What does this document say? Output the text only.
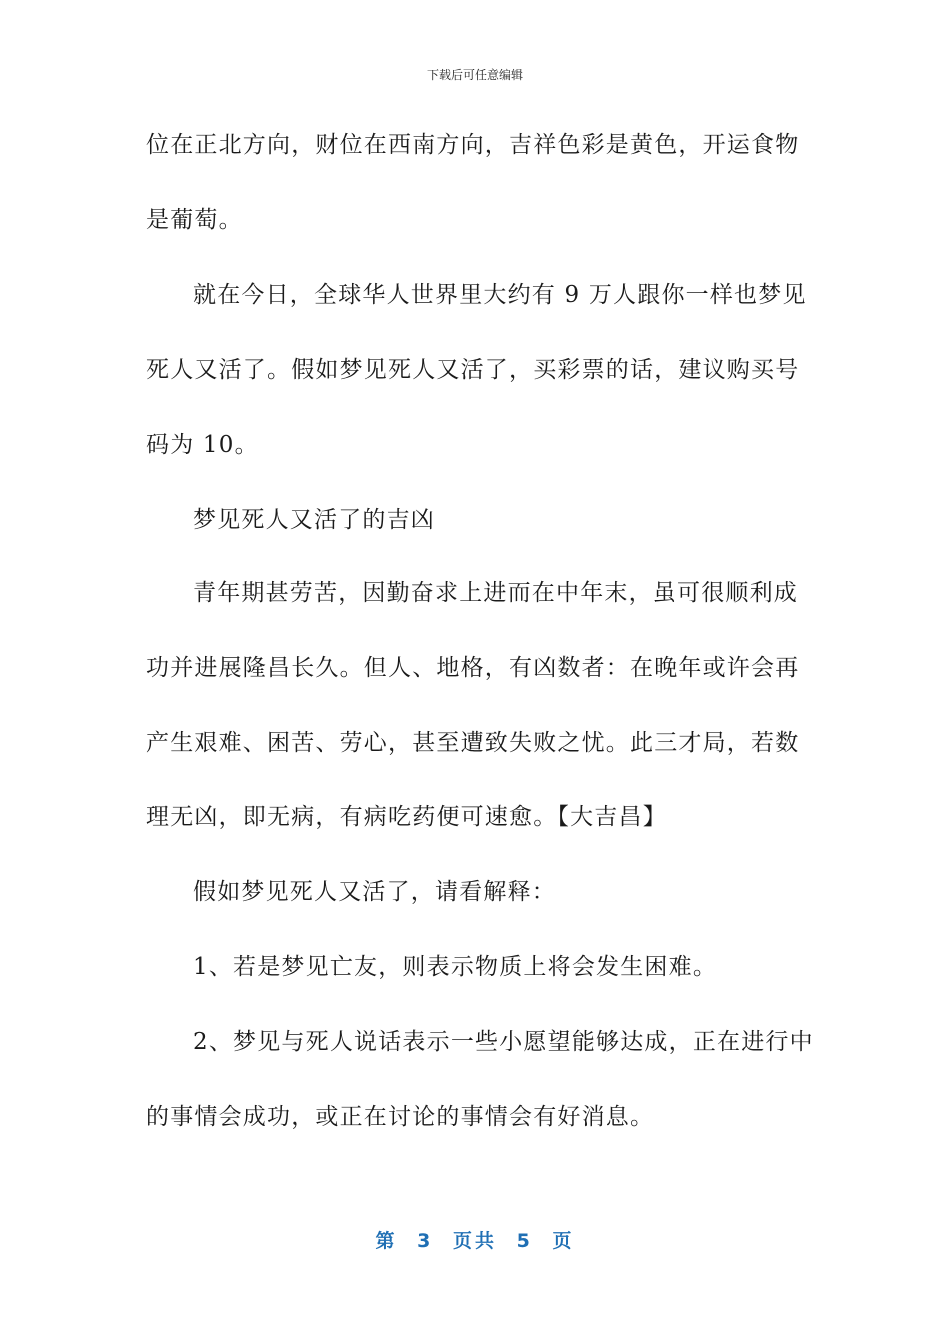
下载后可任意编辑
位在正北方向，财位在西南方向，吉祥色彩是黄色，开运食物
是葡萄。
就在今日，全球华人世界里大约有 9 万人跟你一样也梦见
死人又活了。假如梦见死人又活了，买彩票的话，建议购买号
码为 10。
梦见死人又活了的吉凶
青年期甚劳苦，因勤奋求上进而在中年末，虽可很顺利成
功并进展隆昌长久。但人、地格，有凶数者：在晚年或许会再
产生艰难、困苦、劳心，甚至遭致失败之忧。此三才局，若数
理无凶，即无病，有病吃药便可速愈。【大吉昌】
假如梦见死人又活了，请看解释：
1、若是梦见亡友，则表示物质上将会发生困难。
2、梦见与死人说话表示一些小愿望能够达成，正在进行中
的事情会成功，或正在讨论的事情会有好消息。
第 3 页共 5 页
